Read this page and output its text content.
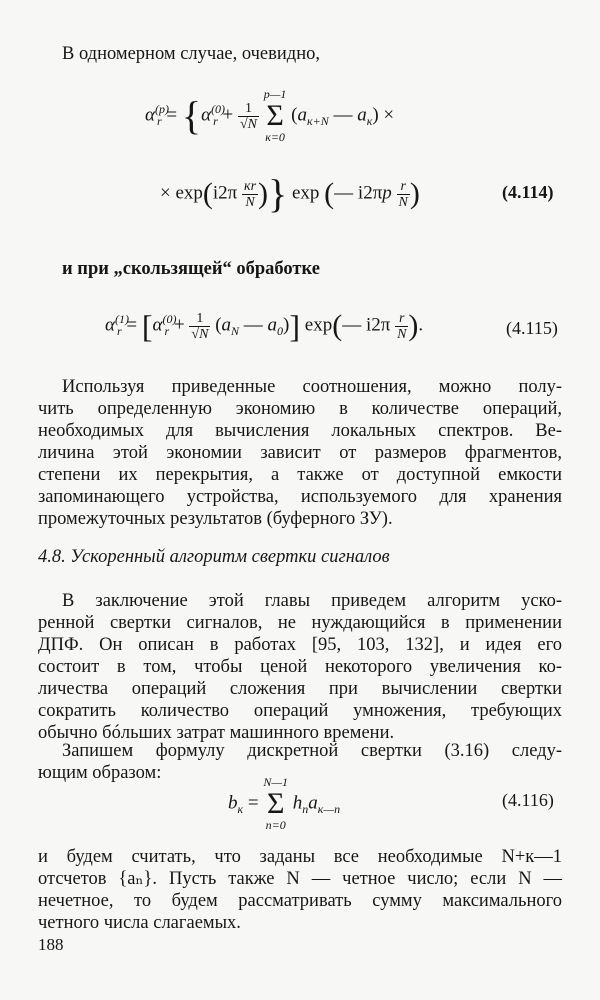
В одномерном случае, очевидно,
$\alpha^{(p)}_r = \{\alpha^{(0)}_r + \frac{1}{√N}$

p—1
Σ
к=0
($a_{к+N}$ — $a_к$) ×
× $\exp(i2\pi \frac{кr}{N}$ )} exp (— $i2\pi p \frac{r}{N}$ )	(4.114)
и при „скользящей“ обработке
$\alpha^{(1)}_r = [\alpha^{(0)}_r + \frac{1}{√N} (a_N$ — $a_0$)] exp(— $i2\pi \frac{r}{N}$ ).	(4.115)
Используя приведенные соотношения, можно полу-
чить определенную экономию в количестве операций,
необходимых для вычисления локальных спектров. Ве-
личина этой экономии зависит от размеров фрагментов,
степени их перекрытия, а также от доступной емкости
запоминающего устройства, используемого для хранения
промежуточных результатов (буферного ЗУ).
4.8. Ускоренный алгоритм свертки сигналов
В заключение этой главы приведем алгоритм уско-
ренной свертки сигналов, не нуждающийся в применении
ДПФ. Он описан в работах [95, 103, 132], и идея его
состоит в том, чтобы ценой некоторого увеличения ко-
личества операций сложения при вычислении свертки
сократить количество операций умножения, требующих
обычно бóльших затрат машинного времени.
Запишем формулу дискретной свертки (3.16) следу-
ющим образом:
$b_к$ =
N—1
Σ
n=0
$h_na_{к—n}$	(4.116)
и будем считать, что заданы все необходимые N+к—1
отсчетов {aₙ}. Пусть также N — четное число; если N —
нечетное, то будем рассматривать сумму максимального
четного числа слагаемых.
188
